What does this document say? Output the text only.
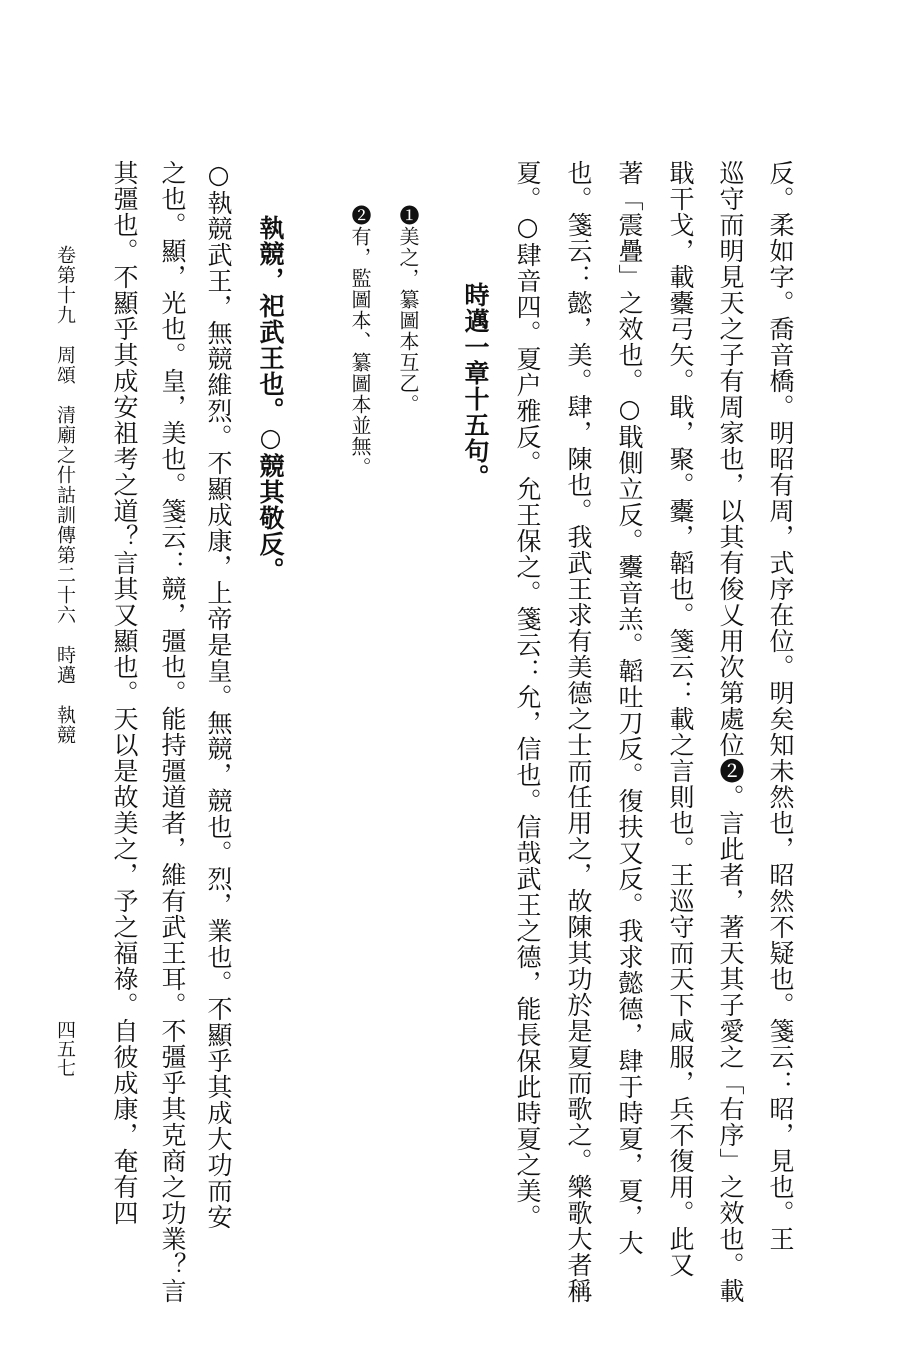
反。柔如字。喬音橋。明昭有周，式序在位。明矣知未然也，昭然不疑也。箋云：昭，見也。王
巡守而明見天之子有周家也，以其有俊乂用次第處位❷。言此者，著天其子愛之「右序」之效也。載
戢干戈，載櫜弓矢。戢，聚。櫜，韜也。箋云：載之言則也。王巡守而天下咸服，兵不復用。此又
著「震疊」之效也。○戢側立反。櫜音羔。韜吐刀反。復扶又反。我求懿德，肆于時夏，夏，大
也。箋云：懿，美。肆，陳也。我武王求有美德之士而任用之，故陳其功於是夏而歌之。樂歌大者稱
夏。○肆音四。夏户雅反。允王保之。箋云：允，信也。信哉武王之德，能長保此時夏之美。
時邁一章十五句。
❶美之，纂圖本互乙。
❷有，監圖本、纂圖本並無。
執競，祀武王也。○競其敬反。
○執競武王，無競維烈。不顯成康，上帝是皇。無競，競也。烈，業也。不顯乎其成大功而安
之也。顯，光也。皇，美也。箋云：競，彊也。能持彊道者，維有武王耳。不彊乎其克商之功業？言
其彊也。不顯乎其成安祖考之道？言其又顯也。天以是故美之，予之福祿。自彼成康，奄有四
卷第十九　周頌　清廟之什詁訓傳第二十六　時邁　執競
四五七
